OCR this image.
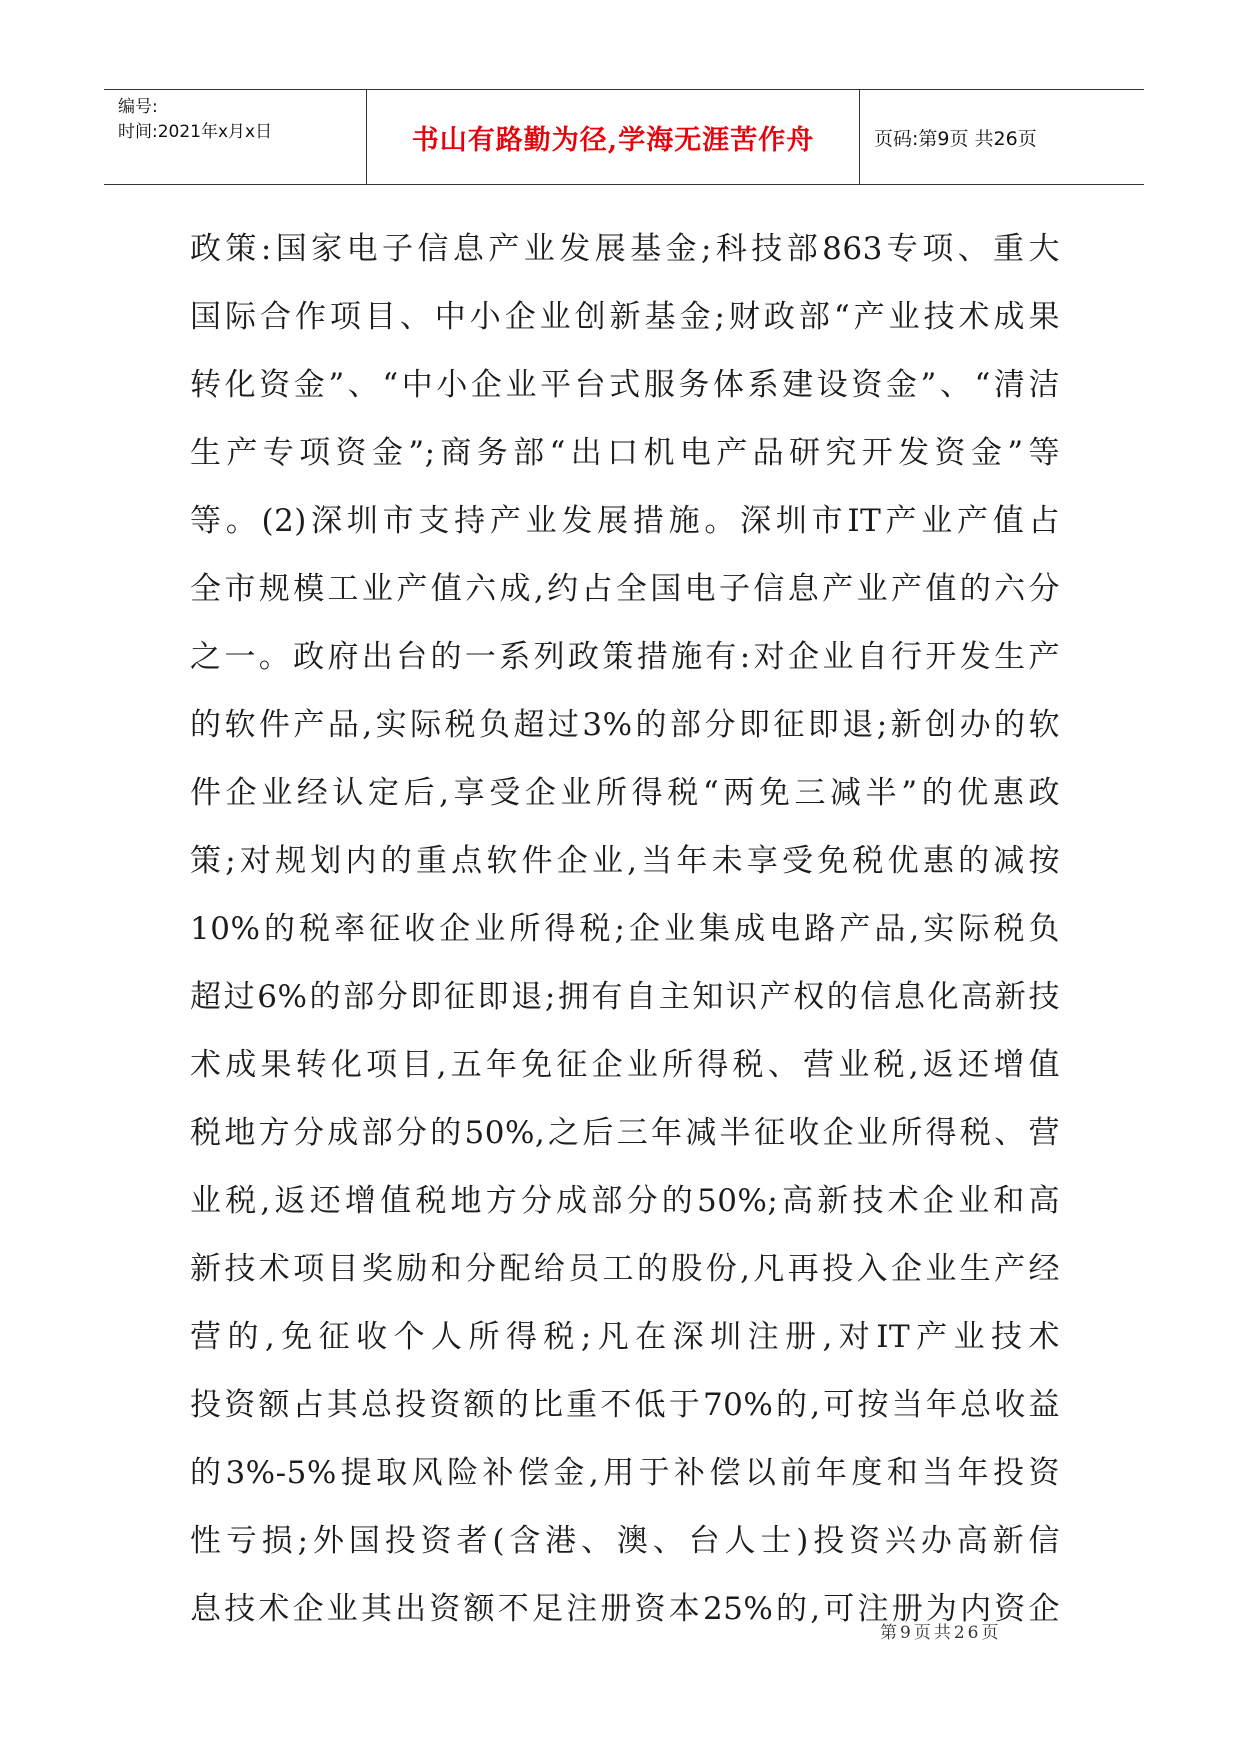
编号:
时间:2021年x月x日	书山有路勤为径,学海无涯苦作舟	页码:第9页 共26页
政策:国家电子信息产业发展基金;科技部863专项、重大
国际合作项目、中小企业创新基金;财政部“产业技术成果
转化资金”、“中小企业平台式服务体系建设资金”、“清洁
生产专项资金”;商务部“出口机电产品研究开发资金”等
等。(2)深圳市支持产业发展措施。深圳市IT产业产值占
全市规模工业产值六成,约占全国电子信息产业产值的六分
之一。政府出台的一系列政策措施有:对企业自行开发生产
的软件产品,实际税负超过3%的部分即征即退;新创办的软
件企业经认定后,享受企业所得税“两免三减半”的优惠政
策;对规划内的重点软件企业,当年未享受免税优惠的减按
10%的税率征收企业所得税;企业集成电路产品,实际税负
超过6%的部分即征即退;拥有自主知识产权的信息化高新技
术成果转化项目,五年免征企业所得税、营业税,返还增值
税地方分成部分的50%,之后三年减半征收企业所得税、营
业税,返还增值税地方分成部分的50%;高新技术企业和高
新技术项目奖励和分配给员工的股份,凡再投入企业生产经
营的,免征收个人所得税;凡在深圳注册,对IT产业技术
投资额占其总投资额的比重不低于70%的,可按当年总收益
的3%-5%提取风险补偿金,用于补偿以前年度和当年投资
性亏损;外国投资者(含港、澳、台人士)投资兴办高新信
息技术企业其出资额不足注册资本25%的,可注册为内资企
第9页共26页
